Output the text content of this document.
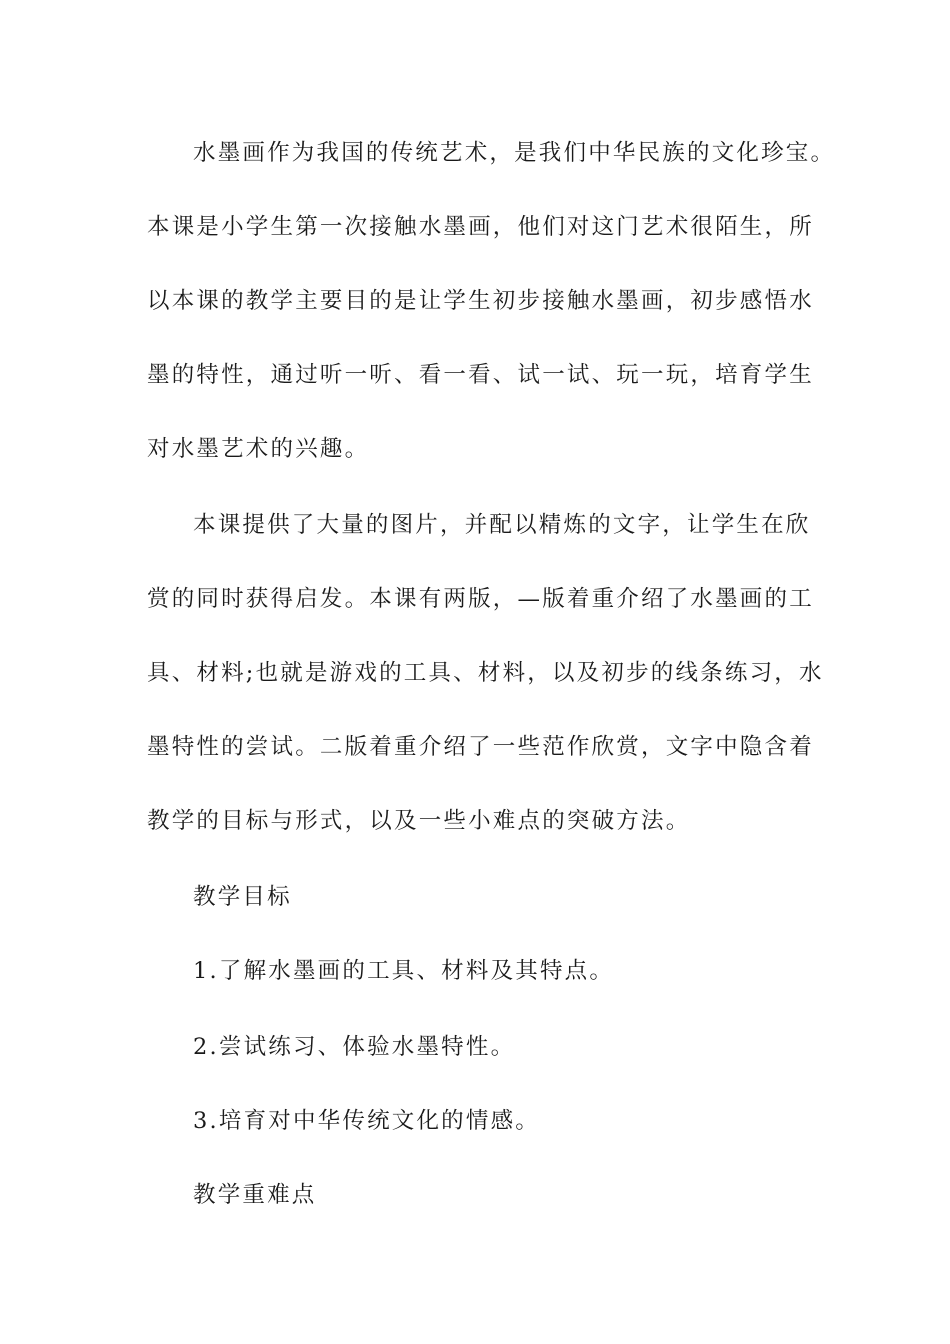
水墨画作为我国的传统艺术，是我们中华民族的文化珍宝。
本课是小学生第一次接触水墨画，他们对这门艺术很陌生，所
以本课的教学主要目的是让学生初步接触水墨画，初步感悟水
墨的特性，通过听一听、看一看、试一试、玩一玩，培育学生
对水墨艺术的兴趣。
本课提供了大量的图片，并配以精炼的文字，让学生在欣
赏的同时获得启发。本课有两版，—版着重介绍了水墨画的工
具、材料;也就是游戏的工具、材料，以及初步的线条练习，水
墨特性的尝试。二版着重介绍了一些范作欣赏，文字中隐含着
教学的目标与形式，以及一些小难点的突破方法。
教学目标
1.了解水墨画的工具、材料及其特点。
2.尝试练习、体验水墨特性。
3.培育对中华传统文化的情感。
教学重难点
